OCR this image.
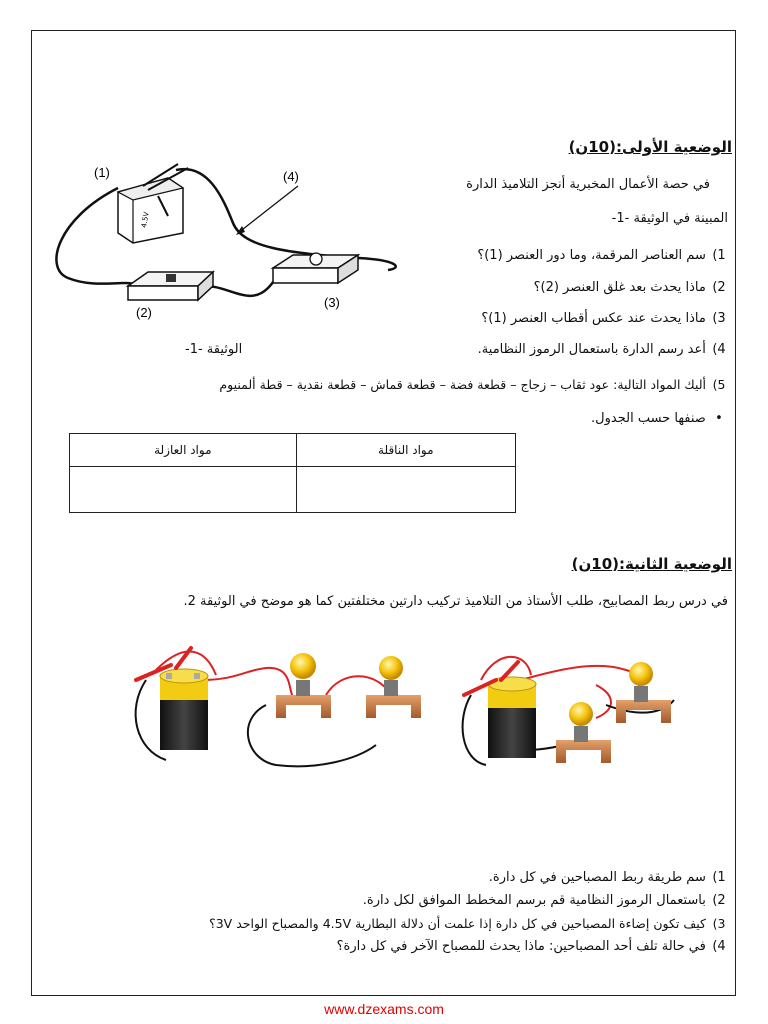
الوضعية الأولى:(10ن)
في حصة الأعمال المخبرية أنجز التلاميذ الدارة
المبينة في الوثيقة -1-
1) سم العناصر المرقمة، وما دور العنصر (1)؟
2) ماذا يحدث بعد غلق العنصر (2)؟
3) ماذا يحدث عند عكس أقطاب العنصر (1)؟
4) أعد رسم الدارة باستعمال الرموز النظامية.
5) أليك المواد التالية: عود ثقاب – زجاج – قطعة فضة – قطعة قماش – قطعة نقدية – قطة ألمنيوم
• صنفها حسب الجدول.
الوثيقة -1-
4.5V
(1)	(4)
(2)
(3)
مواد الناقلة	مواد العازلة

الوضعية الثانية:(10ن)
في درس ربط المصابيح، طلب الأستاذ من التلاميذ تركيب دارتين مختلفتين كما هو موضح في الوثيقة 2.
1) سم طريقة ربط المصباحين في كل دارة.
2) باستعمال الرموز النظامية قم برسم المخطط الموافق لكل دارة.
3) كيف تكون إضاءة المصباحين في كل دارة إذا علمت أن دلالة البطارية 4.5V والمصباح الواحد 3V؟
4) في حالة تلف أحد المصباحين: ماذا يحدث للمصباح الآخر في كل دارة؟
www.dzexams.com
